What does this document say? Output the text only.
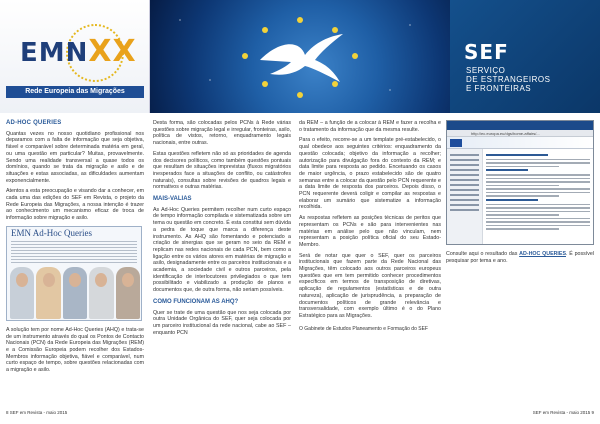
EMNXX
Rede Europeia das Migrações
SEF
SERVIÇO
DE ESTRANGEIROS
E FRONTEIRAS
AD-HOC QUERIES

Quantas vezes no nosso quotidiano profissional nos deparamos com a falta de informação que seja objetiva, fiável e comparável sobre determinada matéria em geral, ou uma questão em particular? Muitas, provavelmente. Sendo uma realidade transversal a quase todos os domínios, quando se trata da migração e asilo e de situações e estas associadas, as dificuldades aumentam exponencialmente.

Atentos a esta preocupação e visando dar a conhecer, em cada uma das edições do SEF em Revista, o projeto da Rede Europeia das Migrações, a nossa intenção é trazer ao conhecimento um mecanismo eficaz de troca de informação sobre migração e asilo.

EMN Ad-Hoc Queries

A solução tem por nome Ad-Hoc Queries (AHQ) e trata-se de um instrumento através do qual os Pontos de Contacto Nacionais (PCN) da Rede Europeia das Migrações (REM) e a Comissão Europeia podem recolher dos Estados-Membros informação objetiva, fiável e comparável, num curto espaço de tempo, sobre questões relacionadas com a migração e asilo.

Desta forma, são colocadas pelos PCNs à Rede várias questões sobre migração legal e irregular, fronteiras, asilo, política de vistos, retorno, enquadramento legais nacionais, entre outras.

Estas questões refletem não só as prioridades de agenda dos decisores políticos, como também questões pontuais que resultam de situações imprevistas (fluxos migratórios inesperados face a situações de conflito, ou catástrofes naturais), consultas sobre revisões de quadros legais e normativos e outras matérias.

MAIS-VALIAS

As Ad-Hoc Queries permitem recolher num curto espaço de tempo informação compilada e sistematizada sobre um tema ou questão em concreto. É esta constitui sem dúvida a pedra de toque que marca a diferença deste instrumento. As AHQ são fomentando e potenciado a criação de sinergias que se geram no seio da REM e replicam nas redes nacionais de cada PCN, bem como a ligação entre os vários atores em matérias de migração e asilo, designadamente entre os parceiros institucionais e a academia, a sociedade civil e outros parceiros, pela identificação de interlocutores privilegiados o que tem possibilitado e viabilizado a produção de planos e documentos que, de outra forma, não seriam possíveis.

COMO FUNCIONAM AS AHQ?

Quer se trate de uma questão que nos seja colocada por outra Unidade Orgânica do SEF, quer seja colocada por um parceiro institucional da rede nacional, cabe ao SEF – enquanto PCN

da REM – a função de a colocar à REM e fazer a recolha e o tratamento da informação que da mesma resulte.

Para o efeito, recorre-se a um template pré-estabelecido, o qual obedece aos seguintes critérios: enquadramento da questão colocada; objetivo da informação a recolher; autorização para divulgação fora do contexto da REM; e data limite para resposta ao pedido. Encetuando os casos de maior urgência, o prazo estabelecido são de quatro semanas entre a colocar da questão pelo PCN requerente e a data limite de resposta dos parceiros. Depois disso, o PCN requerente deverá coligir e compilar as respostas e elaborar um sumário que sistematize a informação recolhida.

As respostas refletem as posições técnicas de peritos que representam os PCNs e são para intervenientes nas matérias em análise pelo que não vinculam, nem representam a posição política oficial do seu Estado-Membro.

Será de notar que quer o SEF, quer os parceiros institucionais que fazem parte da Rede Nacional das Migrações, têm colocado aos outros parceiros europeus questões que em tem permitido conhecer procedimentos específicos em termos de transposição de diretivas, aplicação de regulamentos (estatísticas e de outra natureza), aplicação de jurisprudência, a preparação de documentos políticos de grande relevância e transversalidade, com exemplo último é o do Plano Estratégico para as Migrações.

O Gabinete de Estudos Planeamento e Formação do SEF
http://ec.europa.eu/dgs/home-affairs/...
Consulte aqui o resultado das AD-HOC QUERIES. É possível pesquisar por tema e ano.
8 SEF em Revista - maio 2015	SEF em Revista - maio 2015 9
